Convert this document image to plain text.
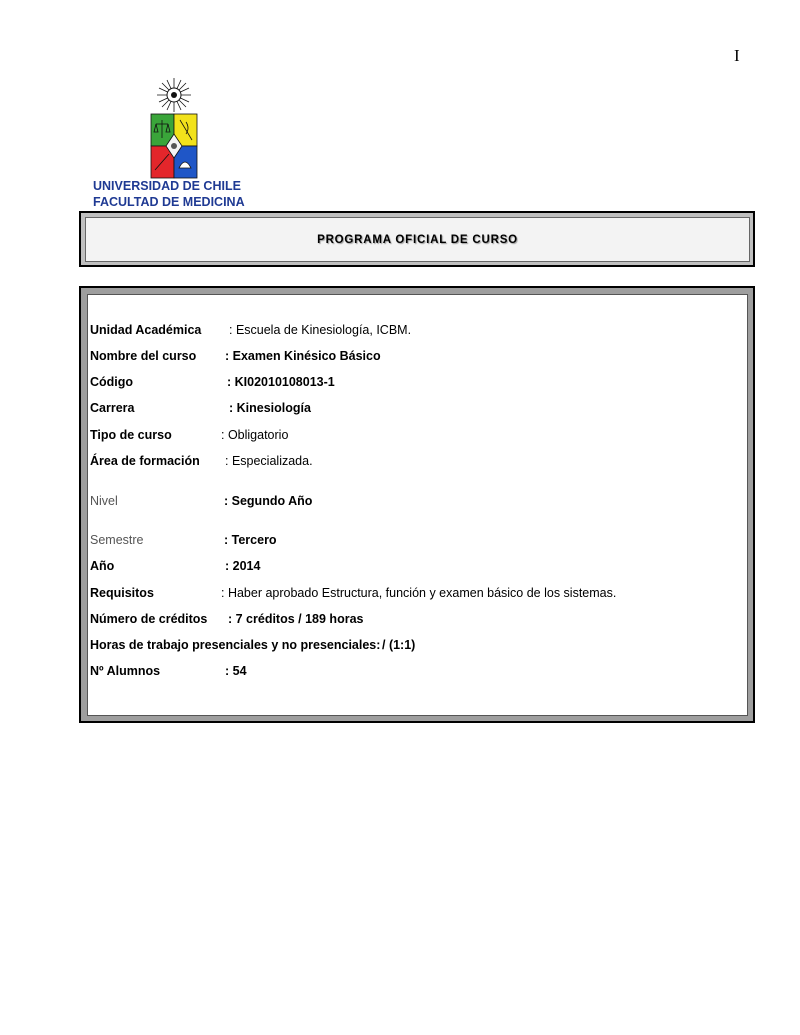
I
UNIVERSIDAD DE CHILE
FACULTAD DE MEDICINA
PROGRAMA OFICIAL DE CURSO
Unidad Académica : Escuela de Kinesiología, ICBM.
Nombre del curso : Examen Kinésico Básico
Código	: KI02010108013-1
Carrera	: Kinesiología
Tipo de curso	: Obligatorio
Área de formación : Especializada.
Nivel	: Segundo Año
Semestre	: Tercero
Año	: 2014
Requisitos	: Haber aprobado Estructura, función y examen básico de los sistemas.
Número de créditos : 7 créditos / 189 horas
Horas de trabajo presenciales y no presenciales: / (1:1)
Nº Alumnos	: 54
